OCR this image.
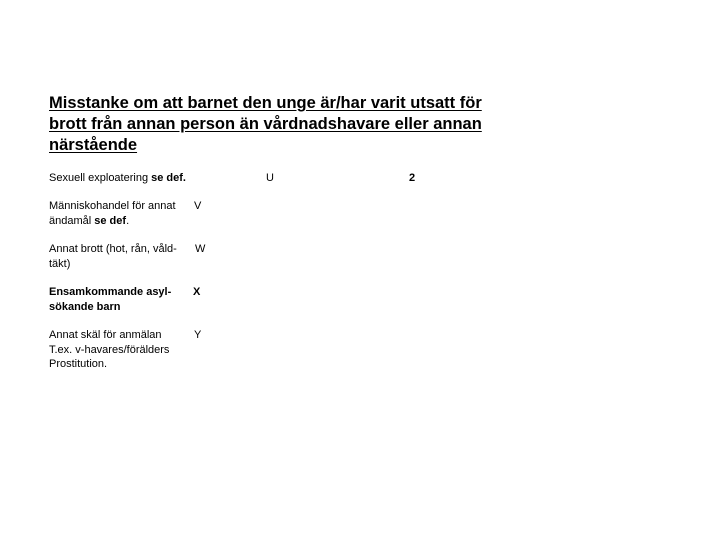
Misstanke om att barnet den unge är/har varit utsatt för
brott från annan person än vårdnadshavare eller annan
närstående
Sexuell exploatering se def.
Människohandel för annat
ändamål se def.
V
Annat brott (hot, rån, våld-
täkt)
W
Ensamkommande asyl-
sökande barn
X
Annat skäl för anmälan
T.ex. v-havares/förälders
Prostitution.
Y
U	2
